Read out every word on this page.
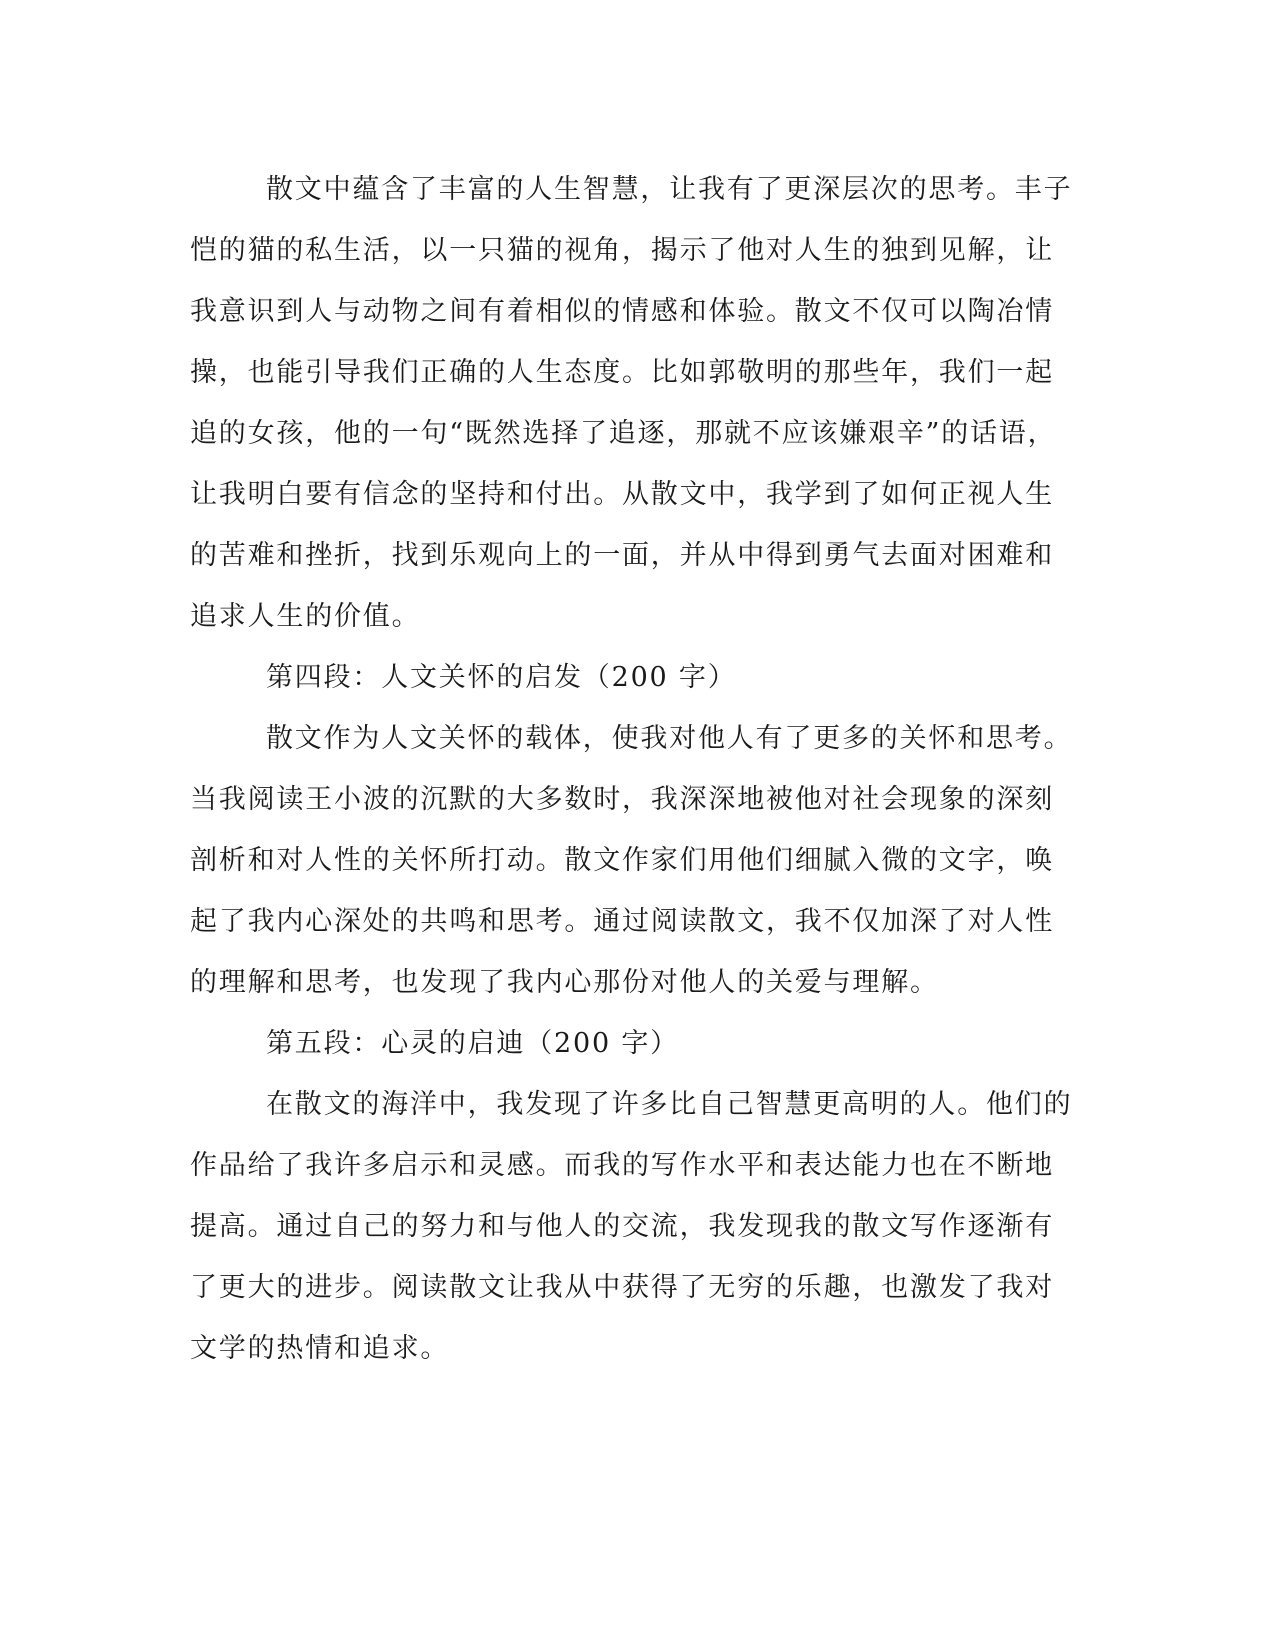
散文中蕴含了丰富的人生智慧，让我有了更深层次的思考。丰子
恺的猫的私生活，以一只猫的视角，揭示了他对人生的独到见解，让
我意识到人与动物之间有着相似的情感和体验。散文不仅可以陶冶情
操，也能引导我们正确的人生态度。比如郭敬明的那些年，我们一起
追的女孩，他的一句“既然选择了追逐，那就不应该嫌艰辛”的话语，
让我明白要有信念的坚持和付出。从散文中，我学到了如何正视人生
的苦难和挫折，找到乐观向上的一面，并从中得到勇气去面对困难和
追求人生的价值。
第四段：人文关怀的启发（200 字）
散文作为人文关怀的载体，使我对他人有了更多的关怀和思考。
当我阅读王小波的沉默的大多数时，我深深地被他对社会现象的深刻
剖析和对人性的关怀所打动。散文作家们用他们细腻入微的文字，唤
起了我内心深处的共鸣和思考。通过阅读散文，我不仅加深了对人性
的理解和思考，也发现了我内心那份对他人的关爱与理解。
第五段：心灵的启迪（200 字）
在散文的海洋中，我发现了许多比自己智慧更高明的人。他们的
作品给了我许多启示和灵感。而我的写作水平和表达能力也在不断地
提高。通过自己的努力和与他人的交流，我发现我的散文写作逐渐有
了更大的进步。阅读散文让我从中获得了无穷的乐趣，也激发了我对
文学的热情和追求。
